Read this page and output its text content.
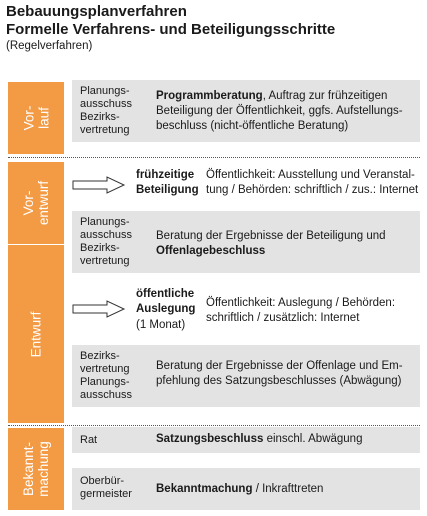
Bebauungsplanverfahren
Formelle Verfahrens- und Beteiligungsschritte
(Regelverfahren)
Vor-
lauf
Vor-
entwurf
Entwurf
Bekannt-
machung
Planungs-
ausschuss
Bezirks-
vertretung
Programmberatung, Auftrag zur frühzeitigen
Beteiligung der Öffentlichkeit, ggfs. Aufstellungs-
beschluss (nicht-öffentliche Beratung)
frühzeitige
Beteiligung
Öffentlichkeit: Ausstellung und Veranstal-
tung / Behörden: schriftlich / zus.: Internet
Planungs-
ausschuss
Bezirks-
vertretung
Beratung der Ergebnisse der Beteiligung und
Offenlagebeschluss
öffentliche
Auslegung
(1 Monat)
Öffentlichkeit: Auslegung / Behörden:
schriftlich / zusätzlich: Internet
Bezirks-
vertretung
Planungs-
ausschuss
Beratung der Ergebnisse der Offenlage und Em-
pfehlung des Satzungsbeschlusses (Abwägung)
Rat	Satzungsbeschluss einschl. Abwägung
Oberbür-
germeister Bekanntmachung / Inkrafttreten
